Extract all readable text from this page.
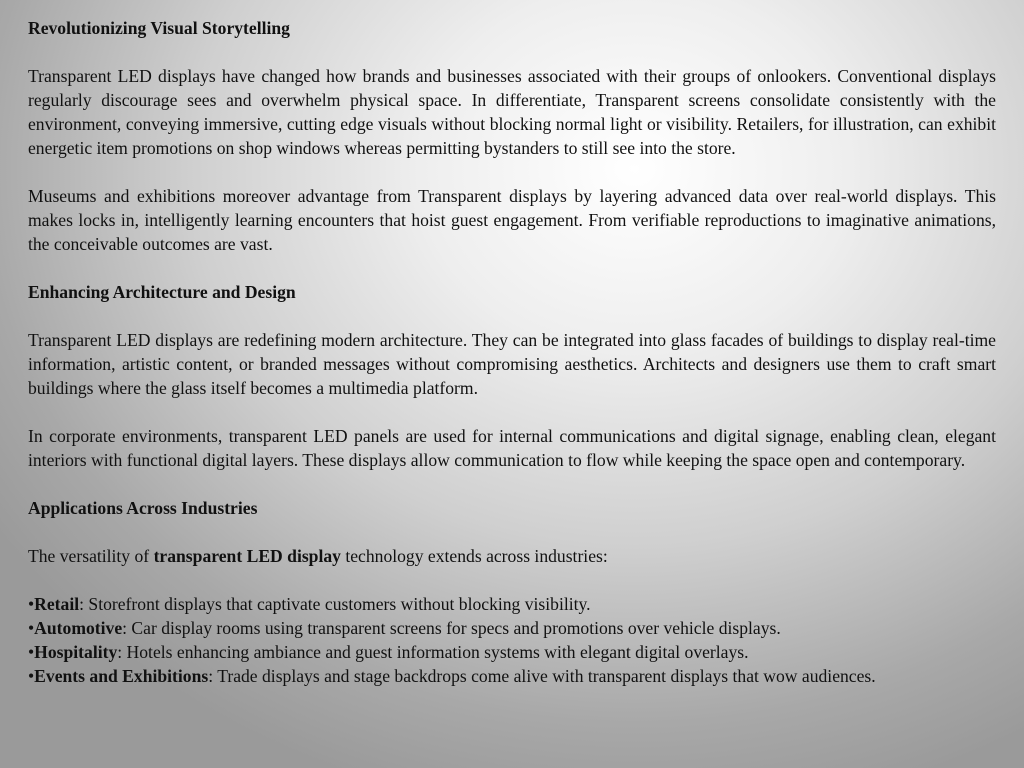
Revolutionizing Visual Storytelling

Transparent LED displays have changed how brands and businesses associated with their groups of onlookers. Conventional displays regularly discourage sees and overwhelm physical space. In differentiate, Transparent screens consolidate consistently with the environment, conveying immersive, cutting edge visuals without blocking normal light or visibility. Retailers, for illustration, can exhibit energetic item promotions on shop windows whereas permitting bystanders to still see into the store.

Museums and exhibitions moreover advantage from Transparent displays by layering advanced data over real-world displays. This makes locks in, intelligently learning encounters that hoist guest engagement. From verifiable reproductions to imaginative animations, the conceivable outcomes are vast.

Enhancing Architecture and Design

Transparent LED displays are redefining modern architecture. They can be integrated into glass facades of buildings to display real-time information, artistic content, or branded messages without compromising aesthetics. Architects and designers use them to craft smart buildings where the glass itself becomes a multimedia platform.

In corporate environments, transparent LED panels are used for internal communications and digital signage, enabling clean, elegant interiors with functional digital layers. These displays allow communication to flow while keeping the space open and contemporary.

Applications Across Industries

The versatility of transparent LED display technology extends across industries:

•Retail: Storefront displays that captivate customers without blocking visibility.
•Automotive: Car display rooms using transparent screens for specs and promotions over vehicle displays.
•Hospitality: Hotels enhancing ambiance and guest information systems with elegant digital overlays.
•Events and Exhibitions: Trade displays and stage backdrops come alive with transparent displays that wow audiences.
